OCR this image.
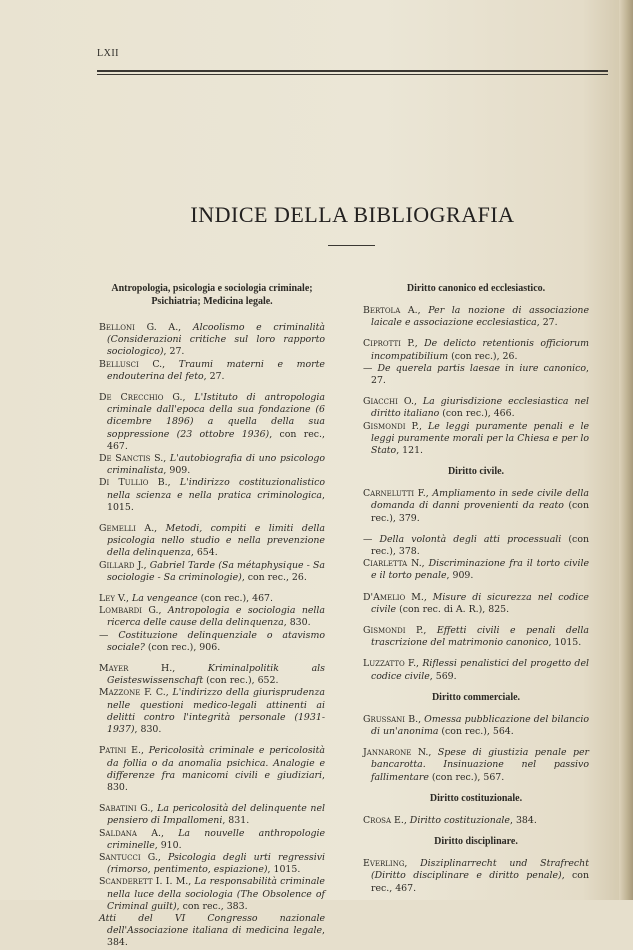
LXII
INDICE DELLA BIBLIOGRAFIA
Antropologia, psicologia e sociologia criminale; Psichiatria; Medicina legale.
Belloni G. A., Alcoolismo e criminalità (Considerazioni critiche sul loro rapporto sociologico), 27.
Bellusci C., Traumi materni e morte endouterina del feto, 27.
De Crecchio G., L'Istituto di antropologia criminale dall'epoca della sua fondazione (6 dicembre 1896) a quella della sua soppressione (23 ottobre 1936), con rec., 467.
De Sanctis S., L'autobiografia di uno psicologo criminalista, 909.
Di Tullio B., L'indirizzo costituzionalistico nella scienza e nella pratica criminologica, 1015.
Gemelli A., Metodi, compiti e limiti della psicologia nello studio e nella prevenzione della delinquenza, 654.
Gillard J., Gabriel Tarde (Sa métaphysique - Sa sociologie - Sa criminologie), con rec., 26.
Ley V., La vengeance (con rec.), 467.
Lombardi G., Antropologia e sociologia nella ricerca delle cause della delinquenza, 830.
— Costituzione delinquenziale o atavismo sociale? (con rec.), 906.
Mayer H., Kriminalpolitik als Geisteswissenschaft (con rec.), 652.
Mazzone F. C., L'indirizzo della giurisprudenza nelle questioni medico-legali attinenti ai delitti contro l'integrità personale (1931-1937), 830.
Patini E., Pericolosità criminale e pericolosità da follia o da anomalia psichica. Analogie e differenze fra manicomi civili e giudiziari, 830.
Sabatini G., La pericolosità del delinquente nel pensiero di Impallomeni, 831.
Saldana A., La nouvelle anthropologie criminelle, 910.
Santucci G., Psicologia degli urti regressivi (rimorso, pentimento, espiazione), 1015.
Scanderett I. I. M., La responsabilità criminale nella luce della sociologia (The Obsolence of Criminal guilt), con rec., 383.
Atti del VI Congresso nazionale dell'Associazione italiana di medicina legale, 384.
Diritto canonico ed ecclesiastico.
Bertola A., Per la nozione di associazione laicale e associazione ecclesiastica, 27.
Ciprotti P., De delicto retentionis officiorum incompatibilium (con rec.), 26.
— De querela partis laesae in iure canonico, 27.
Giacchi O., La giurisdizione ecclesiastica nel diritto italiano (con rec.), 466.
Gismondi P., Le leggi puramente penali e le leggi puramente morali per la Chiesa e per lo Stato, 121.
Diritto civile.
Carnelutti F., Ampliamento in sede civile della domanda di danni provenienti da reato (con rec.), 379.
— Della volontà degli atti processuali (con rec.), 378.
Ciarletta N., Discriminazione fra il torto civile e il torto penale, 909.
D'Amelio M., Misure di sicurezza nel codice civile (con rec. di A. R.), 825.
Gismondi P., Effetti civili e penali della trascrizione del matrimonio canonico, 1015.
Luzzatto F., Riflessi penalistici del progetto del codice civile, 569.
Diritto commerciale.
Grussani B., Omessa pubblicazione del bilancio di un'anonima (con rec.), 564.
Jannarone N., Spese di giustizia penale per bancarotta. Insinuazione nel passivo fallimentare (con rec.), 567.
Diritto costituzionale.
Crosa E., Diritto costituzionale, 384.
Diritto disciplinare.
Everling, Disziplinarrecht und Strafrecht (Diritto disciplinare e diritto penale), con rec., 467.
